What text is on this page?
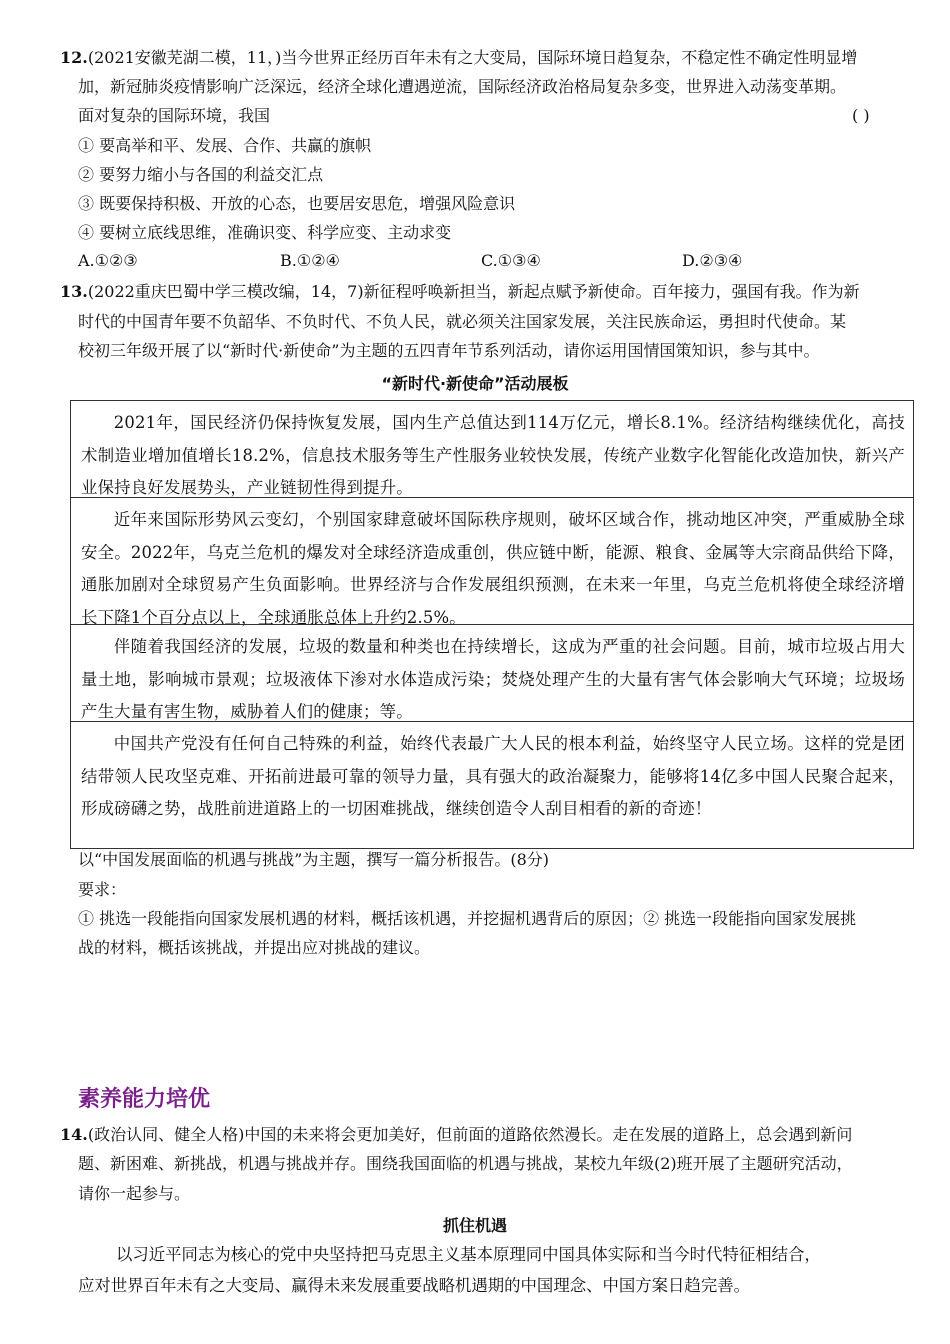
12.(2021安徽芜湖二模，11，)当今世界正经历百年未有之大变局，国际环境日趋复杂，不稳定性不确定性明显增
加，新冠肺炎疫情影响广泛深远，经济全球化遭遇逆流，国际经济政治格局复杂多变，世界进入动荡变革期。
面对复杂的国际环境，我国	( )
① 要高举和平、发展、合作、共赢的旗帜
② 要努力缩小与各国的利益交汇点
③ 既要保持积极、开放的心态，也要居安思危，增强风险意识
④ 要树立底线思维，准确识变、科学应变、主动求变
A.①②③	B.①②④	C.①③④	D.②③④
13.(2022重庆巴蜀中学三模改编，14，7)新征程呼唤新担当，新起点赋予新使命。百年接力，强国有我。作为新
时代的中国青年要不负韶华、不负时代、不负人民，就必须关注国家发展，关注民族命运，勇担时代使命。某
校初三年级开展了以“新时代·新使命”为主题的五四青年节系列活动，请你运用国情国策知识，参与其中。
“新时代·新使命”活动展板

2021年，国民经济仍保持恢复发展，国内生产总值达到114万亿元，增长8.1%。经济结构继续优化，高技术制造业增加值增长18.2%，信息技术服务等生产性服务业较快发展，传统产业数字化智能化改造加快，新兴产业保持良好发展势头，产业链韧性得到提升。

近年来国际形势风云变幻，个别国家肆意破坏国际秩序规则，破坏区域合作，挑动地区冲突，严重威胁全球安全。2022年，乌克兰危机的爆发对全球经济造成重创，供应链中断，能源、粮食、金属等大宗商品供给下降，通胀加剧对全球贸易产生负面影响。世界经济与合作发展组织预测，在未来一年里，乌克兰危机将使全球经济增长下降1个百分点以上，全球通胀总体上升约2.5%。

伴随着我国经济的发展，垃圾的数量和种类也在持续增长，这成为严重的社会问题。目前，城市垃圾占用大量土地，影响城市景观；垃圾液体下渗对水体造成污染；焚烧处理产生的大量有害气体会影响大气环境；垃圾场产生大量有害生物，威胁着人们的健康；等。

中国共产党没有任何自己特殊的利益，始终代表最广大人民的根本利益，始终坚守人民立场。这样的党是团结带领人民攻坚克难、开拓前进最可靠的领导力量，具有强大的政治凝聚力，能够将14亿多中国人民聚合起来，形成磅礴之势，战胜前进道路上的一切困难挑战，继续创造令人刮目相看的新的奇迹！

以“中国发展面临的机遇与挑战”为主题，撰写一篇分析报告。(8分)
要求：
① 挑选一段能指向国家发展机遇的材料，概括该机遇，并挖掘机遇背后的原因；② 挑选一段能指向国家发展挑
战的材料，概括该挑战，并提出应对挑战的建议。
素养能力培优
14.(政治认同、健全人格)中国的未来将会更加美好，但前面的道路依然漫长。走在发展的道路上，总会遇到新问
题、新困难、新挑战，机遇与挑战并存。围绕我国面临的机遇与挑战，某校九年级(2)班开展了主题研究活动，
请你一起参与。
抓住机遇
以习近平同志为核心的党中央坚持把马克思主义基本原理同中国具体实际和当今时代特征相结合，
应对世界百年未有之大变局、赢得未来发展重要战略机遇期的中国理念、中国方案日趋完善。
